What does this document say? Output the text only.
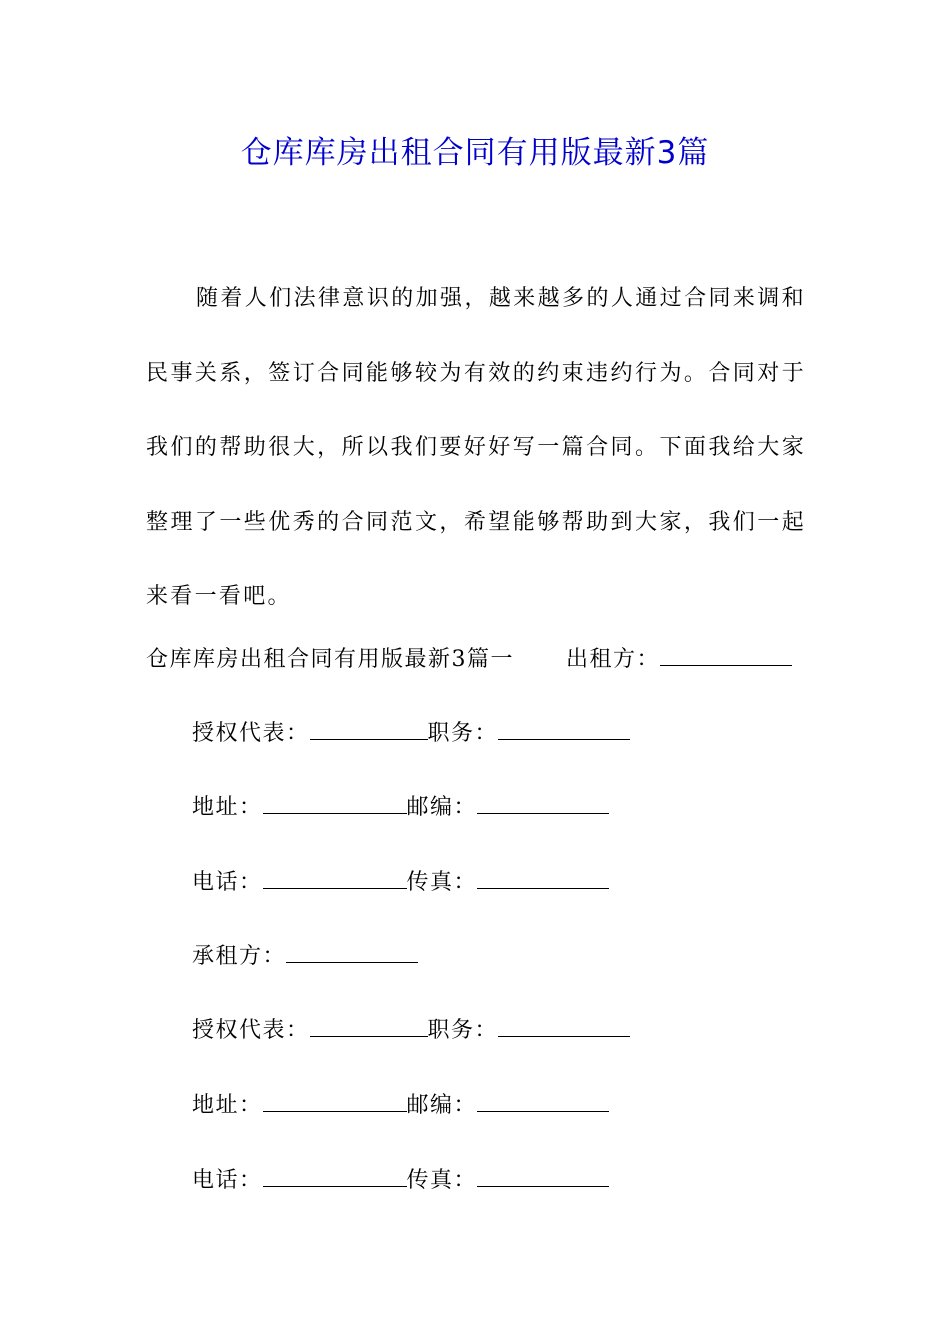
仓库库房出租合同有用版最新3篇

随着人们法律意识的加强，越来越多的人通过合同来调和民事关系，签订合同能够较为有效的约束违约行为。合同对于我们的帮助很大，所以我们要好好写一篇合同。下面我给大家整理了一些优秀的合同范文，希望能够帮助到大家，我们一起来看一看吧。

仓库库房出租合同有用版最新3篇一 出租方：
授权代表：	职务：
地址：	邮编：
电话：	传真：
承租方：
授权代表：	职务：
地址：	邮编：
电话：	传真：
